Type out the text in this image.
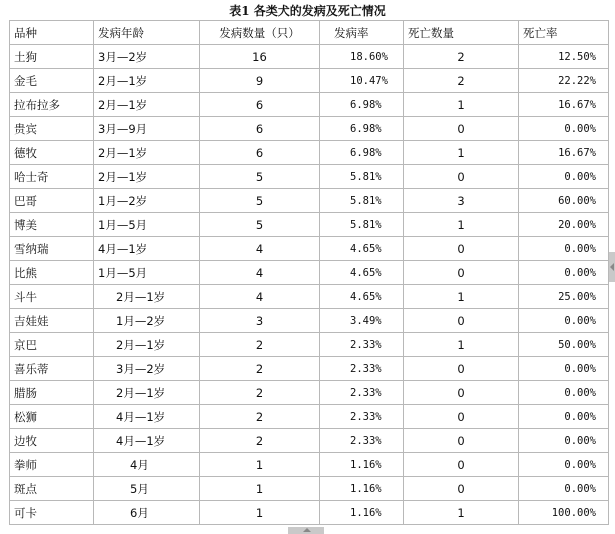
表1 各类犬的发病及死亡情况
品种	发病年龄	发病数量（只）	发病率	死亡数量	死亡率
土狗	3月—2岁	16	18.60%	2	12.50%
金毛	2月—1岁	9	10.47%	2	22.22%
拉布拉多	2月—1岁	6	6.98%	1	16.67%
贵宾	3月—9月	6	6.98%	0	0.00%
德牧	2月—1岁	6	6.98%	1	16.67%
哈士奇	2月—1岁	5	5.81%	0	0.00%
巴哥	1月—2岁	5	5.81%	3	60.00%
博美	1月—5月	5	5.81%	1	20.00%
雪纳瑞	4月—1岁	4	4.65%	0	0.00%
比熊	1月—5月	4	4.65%	0	0.00%
斗牛	2月—1岁	4	4.65%	1	25.00%
吉娃娃	1月—2岁	3	3.49%	0	0.00%
京巴	2月—1岁	2	2.33%	1	50.00%
喜乐蒂	3月—2岁	2	2.33%	0	0.00%
腊肠	2月—1岁	2	2.33%	0	0.00%
松狮	4月—1岁	2	2.33%	0	0.00%
边牧	4月—1岁	2	2.33%	0	0.00%
拳师	4月	1	1.16%	0	0.00%
斑点	5月	1	1.16%	0	0.00%
可卡	6月	1	1.16%	1	100.00%
